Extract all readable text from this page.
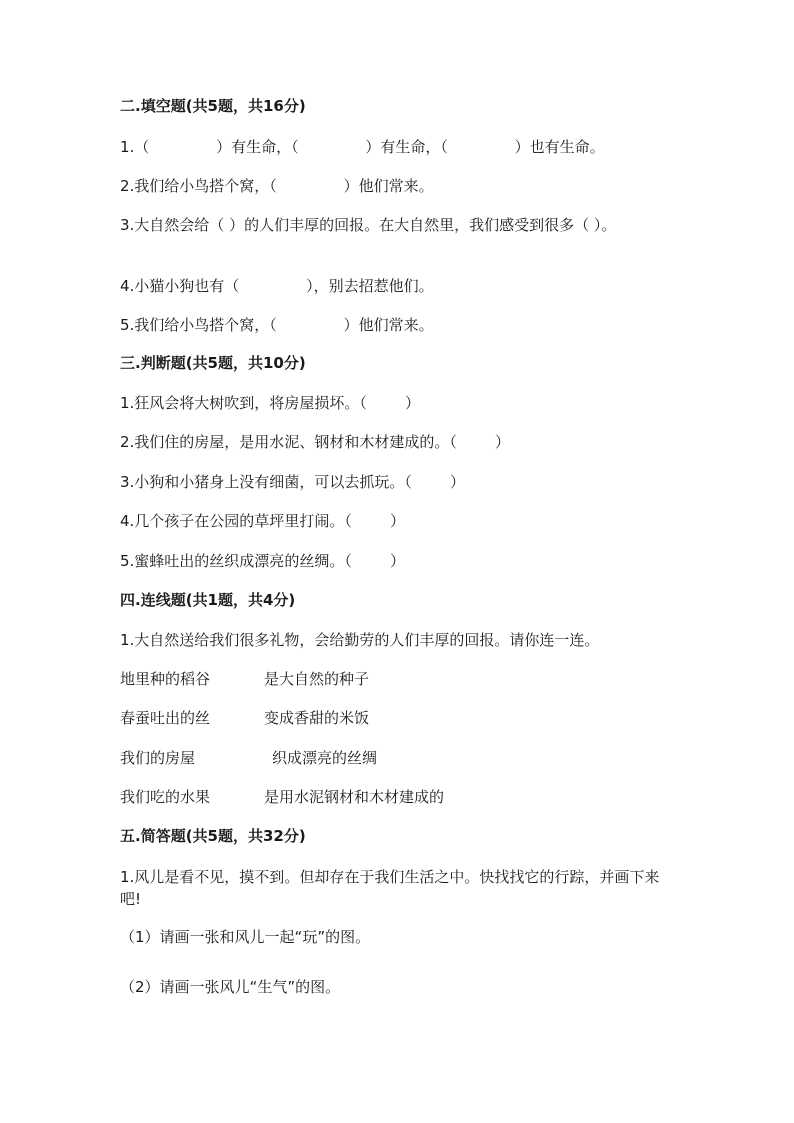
二.填空题(共5题，共16分)
1.（              ）有生命，（              ）有生命，（              ）也有生命。
2.我们给小鸟搭个窝，（              ）他们常来。
3.大自然会给（ ）的人们丰厚的回报。在大自然里，我们感受到很多（ ）。
4.小猫小狗也有（              ），别去招惹他们。
5.我们给小鸟搭个窝，（              ）他们常来。
三.判断题(共5题，共10分)
1.狂风会将大树吹到，将房屋损坏。（        ）
2.我们住的房屋，是用水泥、钢材和木材建成的。（        ）
3.小狗和小猪身上没有细菌，可以去抓玩。（        ）
4.几个孩子在公园的草坪里打闹。（        ）
5.蜜蜂吐出的丝织成漂亮的丝绸。（        ）
四.连线题(共1题，共4分)
1.大自然送给我们很多礼物，会给勤劳的人们丰厚的回报。请你连一连。
地里种的稻谷	是大自然的种子
春蚕吐出的丝	变成香甜的米饭
我们的房屋	织成漂亮的丝绸
我们吃的水果	是用水泥钢材和木材建成的
五.简答题(共5题，共32分)
1.风儿是看不见，摸不到。但却存在于我们生活之中。快找找它的行踪，并画下来吧!
（1）请画一张和风儿一起“玩”的图。
（2）请画一张风儿“生气”的图。
